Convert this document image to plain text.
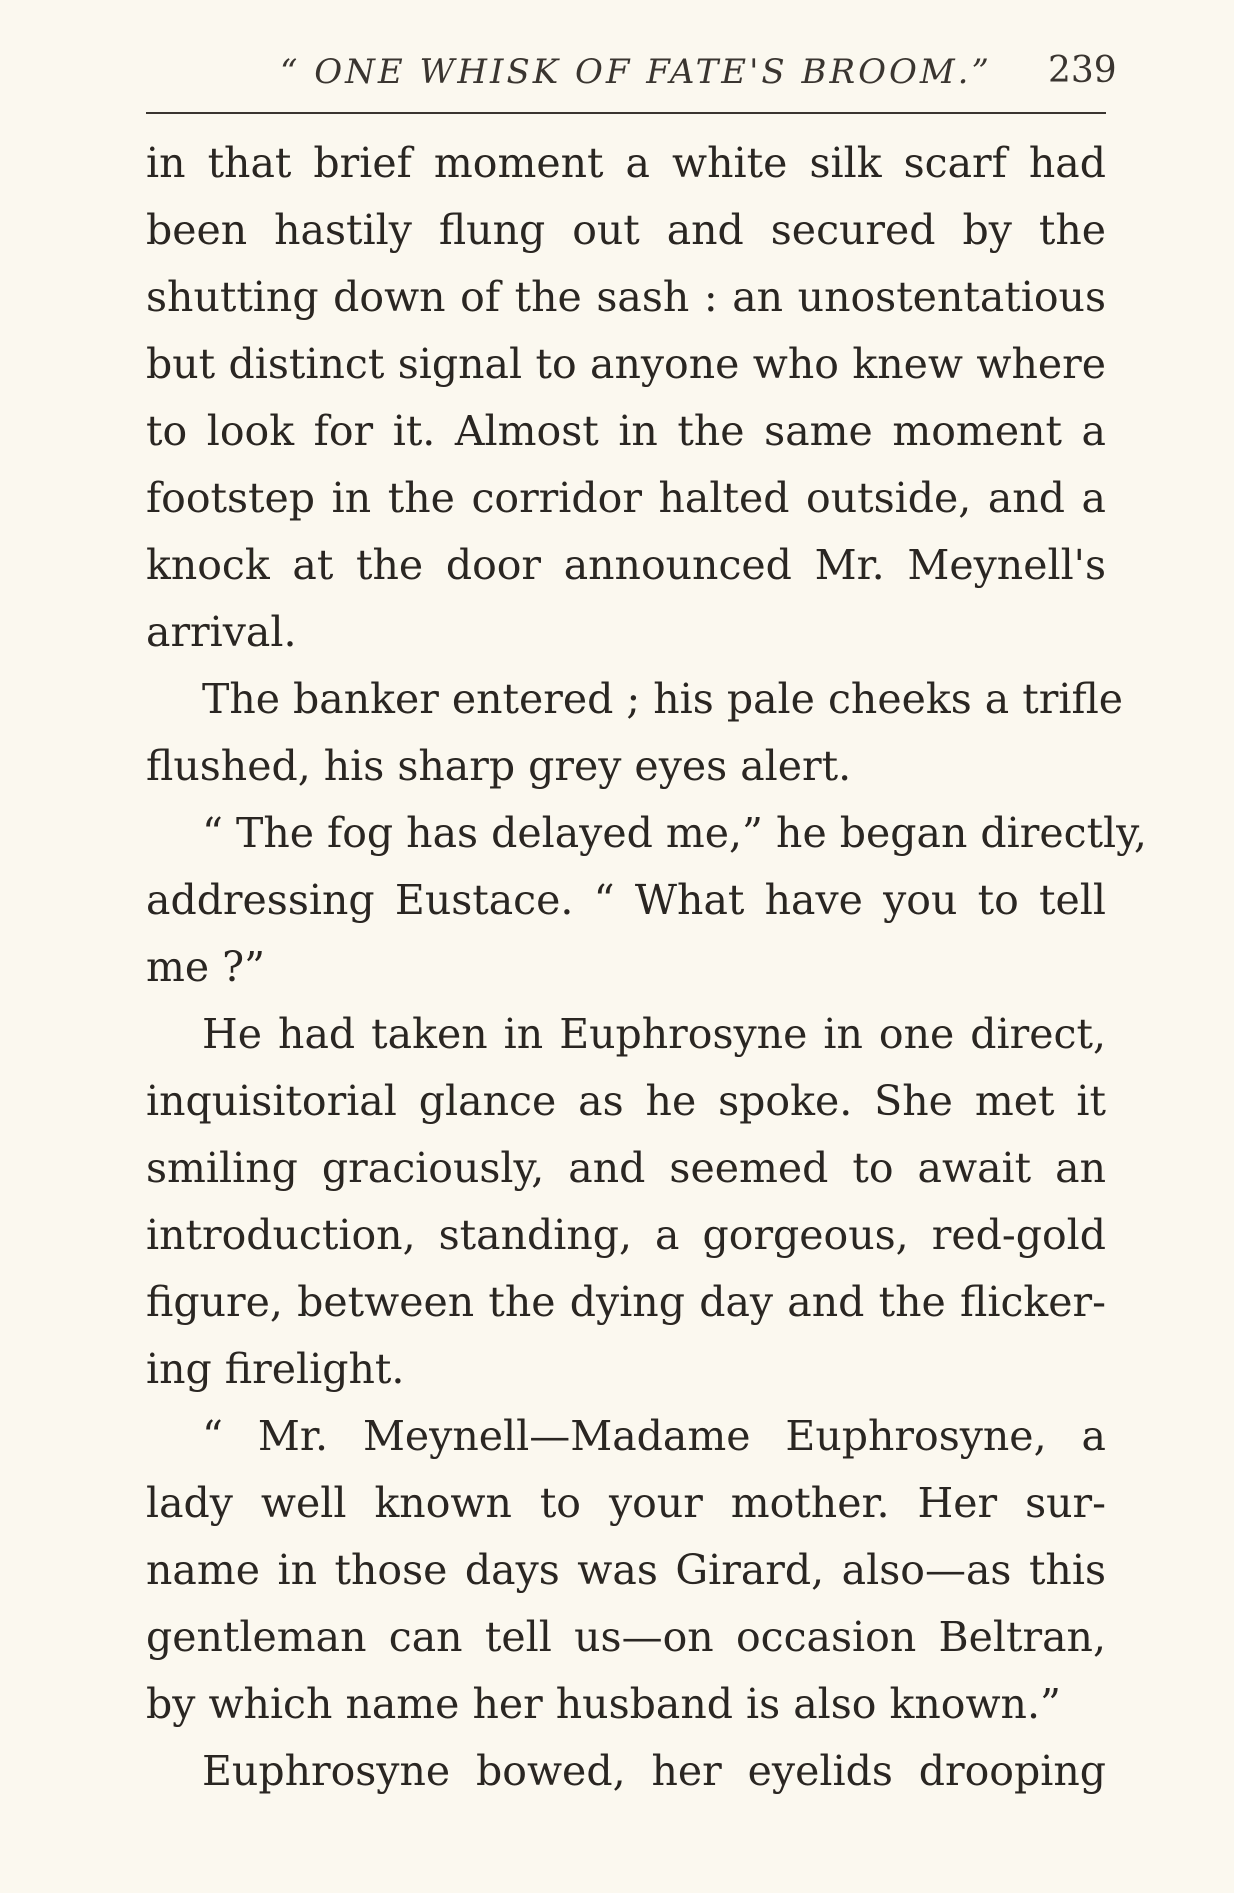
“ ONE WHISK OF FATE'S BROOM.” 239
in that brief moment a white silk scarf had
been hastily flung out and secured by the
shutting down of the sash : an unostentatious
but distinct signal to anyone who knew where
to look for it. Almost in the same moment a
footstep in the corridor halted outside, and a
knock at the door announced Mr. Meynell's
arrival.
The banker entered ; his pale cheeks a trifle
flushed, his sharp grey eyes alert.
“ The fog has delayed me,” he began directly,
addressing Eustace. “ What have you to tell
me ?”
He had taken in Euphrosyne in one direct,
inquisitorial glance as he spoke. She met it
smiling graciously, and seemed to await an
introduction, standing, a gorgeous, red-gold
figure, between the dying day and the flicker-
ing firelight.
“ Mr. Meynell—Madame Euphrosyne, a
lady well known to your mother. Her sur-
name in those days was Girard, also—as this
gentleman can tell us—on occasion Beltran,
by which name her husband is also known.”
Euphrosyne bowed, her eyelids drooping
